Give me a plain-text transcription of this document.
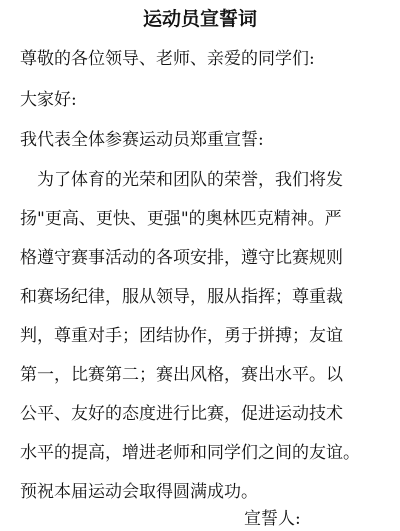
运动员宣誓词
尊敬的各位领导、老师、亲爱的同学们:
大家好:
我代表全体参赛运动员郑重宣誓:
为了体育的光荣和团队的荣誉，我们将发
扬"更高、更快、更强"的奥林匹克精神。严
格遵守赛事活动的各项安排，遵守比赛规则
和赛场纪律，服从领导，服从指挥；尊重裁
判，尊重对手；团结协作，勇于拼搏；友谊
第一，比赛第二；赛出风格，赛出水平。以
公平、友好的态度进行比赛，促进运动技术
水平的提高，增进老师和同学们之间的友谊。
预祝本届运动会取得圆满成功。
宣誓人:
